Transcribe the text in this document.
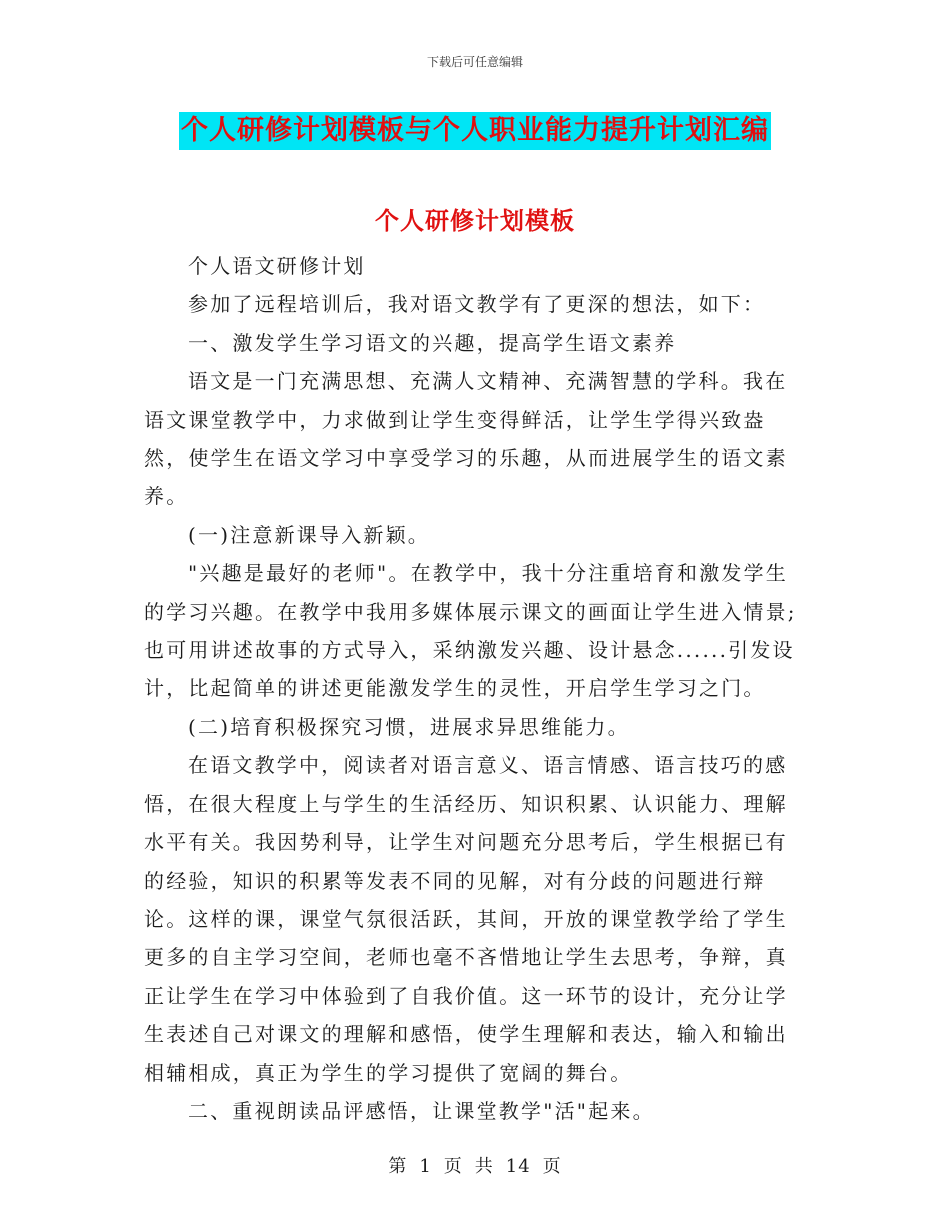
下载后可任意编辑
个人研修计划模板与个人职业能力提升计划汇编
个人研修计划模板

个人语文研修计划

参加了远程培训后，我对语文教学有了更深的想法，如下：

一、激发学生学习语文的兴趣，提高学生语文素养

语文是一门充满思想、充满人文精神、充满智慧的学科。我在语文课堂教学中，力求做到让学生变得鲜活，让学生学得兴致盎然，使学生在语文学习中享受学习的乐趣，从而进展学生的语文素养。

(一)注意新课导入新颖。

"兴趣是最好的老师"。在教学中，我十分注重培育和激发学生的学习兴趣。在教学中我用多媒体展示课文的画面让学生进入情景;也可用讲述故事的方式导入，采纳激发兴趣、设计悬念......引发设计，比起简单的讲述更能激发学生的灵性，开启学生学习之门。

(二)培育积极探究习惯，进展求异思维能力。

在语文教学中，阅读者对语言意义、语言情感、语言技巧的感悟，在很大程度上与学生的生活经历、知识积累、认识能力、理解水平有关。我因势利导，让学生对问题充分思考后，学生根据已有的经验，知识的积累等发表不同的见解，对有分歧的问题进行辩论。这样的课，课堂气氛很活跃，其间，开放的课堂教学给了学生更多的自主学习空间，老师也毫不吝惜地让学生去思考，争辩，真正让学生在学习中体验到了自我价值。这一环节的设计，充分让学生表述自己对课文的理解和感悟，使学生理解和表达，输入和输出相辅相成，真正为学生的学习提供了宽阔的舞台。

二、重视朗读品评感悟，让课堂教学"活"起来。

第 1 页 共 14 页
